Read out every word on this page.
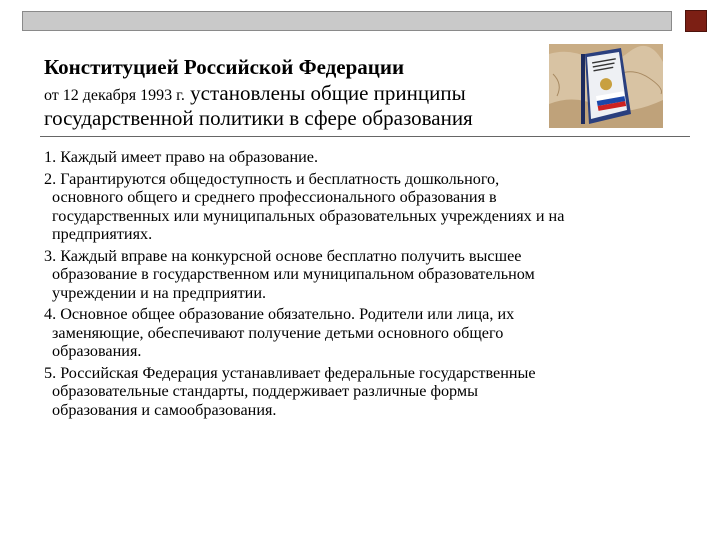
Конституцией Российской Федерации
от 12 декабря 1993 г. установлены общие принципы
государственной политики в сфере образования
1. Каждый имеет право на образование.
2. Гарантируются общедоступность и бесплатность дошкольного,
основного общего и среднего профессионального образования в
государственных или муниципальных образовательных учреждениях и на
предприятиях.
3. Каждый вправе на конкурсной основе бесплатно получить высшее
образование в государственном или муниципальном образовательном
учреждении и на предприятии.
4. Основное общее образование обязательно. Родители или лица, их
заменяющие, обеспечивают получение детьми основного общего
образования.
5. Российская Федерация устанавливает федеральные государственные
образовательные стандарты, поддерживает различные формы
образования и самообразования.
